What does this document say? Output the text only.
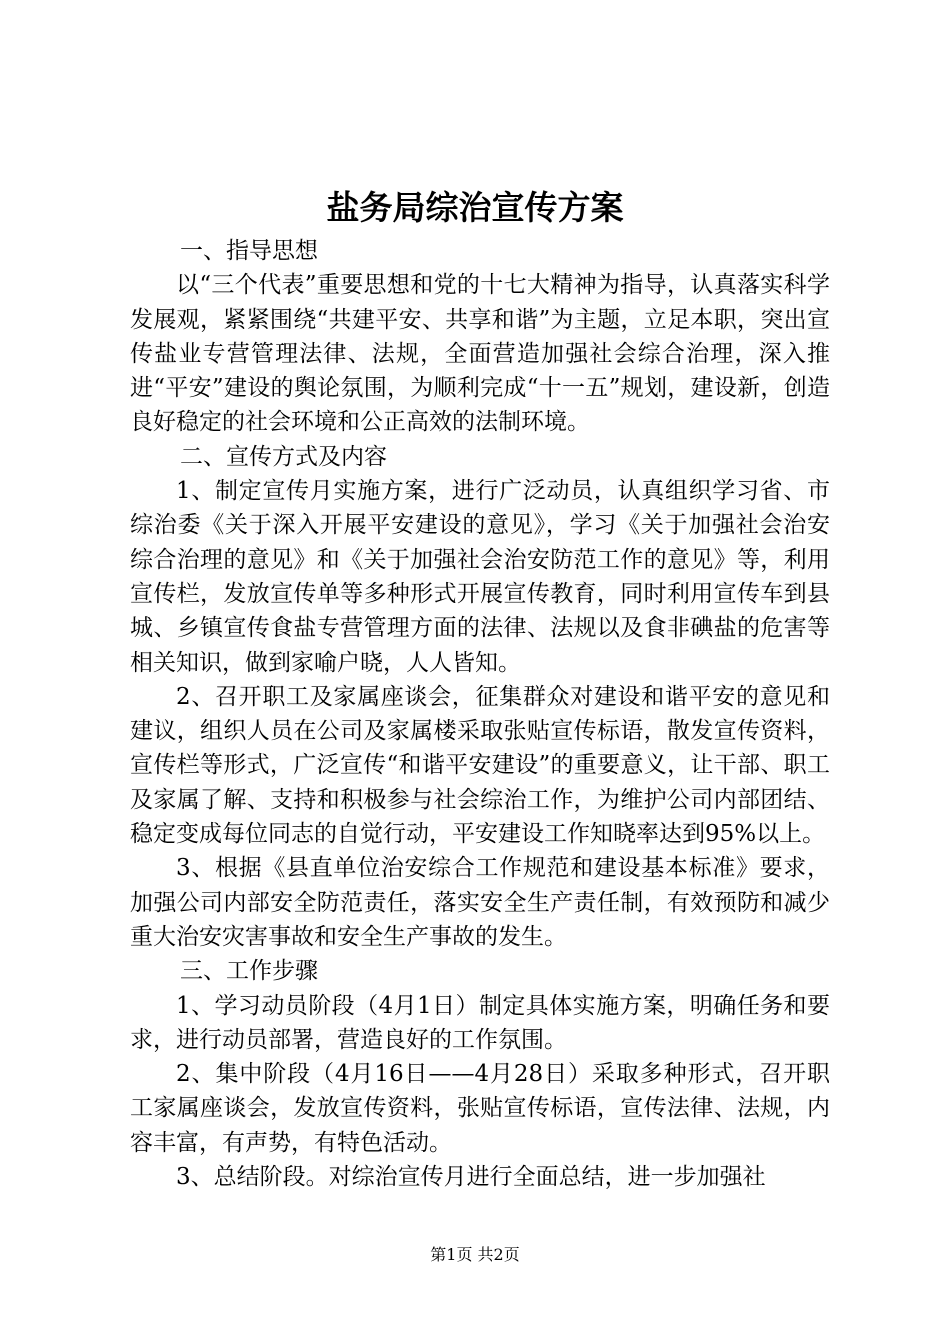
盐务局综治宣传方案

一、指导思想

以“三个代表”重要思想和党的十七大精神为指导，认真落实科学发展观，紧紧围绕“共建平安、共享和谐”为主题，立足本职，突出宣传盐业专营管理法律、法规，全面营造加强社会综合治理，深入推进“平安”建设的舆论氛围，为顺利完成“十一五”规划，建设新，创造良好稳定的社会环境和公正高效的法制环境。

二、宣传方式及内容

1、制定宣传月实施方案，进行广泛动员，认真组织学习省、市综治委《关于深入开展平安建设的意见》，学习《关于加强社会治安综合治理的意见》和《关于加强社会治安防范工作的意见》等，利用宣传栏，发放宣传单等多种形式开展宣传教育，同时利用宣传车到县城、乡镇宣传食盐专营管理方面的法律、法规以及食非碘盐的危害等相关知识，做到家喻户晓，人人皆知。

2、召开职工及家属座谈会，征集群众对建设和谐平安的意见和建议，组织人员在公司及家属楼采取张贴宣传标语，散发宣传资料，宣传栏等形式，广泛宣传“和谐平安建设”的重要意义，让干部、职工及家属了解、支持和积极参与社会综治工作，为维护公司内部团结、稳定变成每位同志的自觉行动，平安建设工作知晓率达到95%以上。

3、根据《县直单位治安综合工作规范和建设基本标准》要求，加强公司内部安全防范责任，落实安全生产责任制，有效预防和减少重大治安灾害事故和安全生产事故的发生。

三、工作步骤

1、学习动员阶段（4月1日）制定具体实施方案，明确任务和要求，进行动员部署，营造良好的工作氛围。

2、集中阶段（4月16日——4月28日）采取多种形式，召开职工家属座谈会，发放宣传资料，张贴宣传标语，宣传法律、法规，内容丰富，有声势，有特色活动。

3、总结阶段。对综治宣传月进行全面总结，进一步加强社

第1页 共2页
